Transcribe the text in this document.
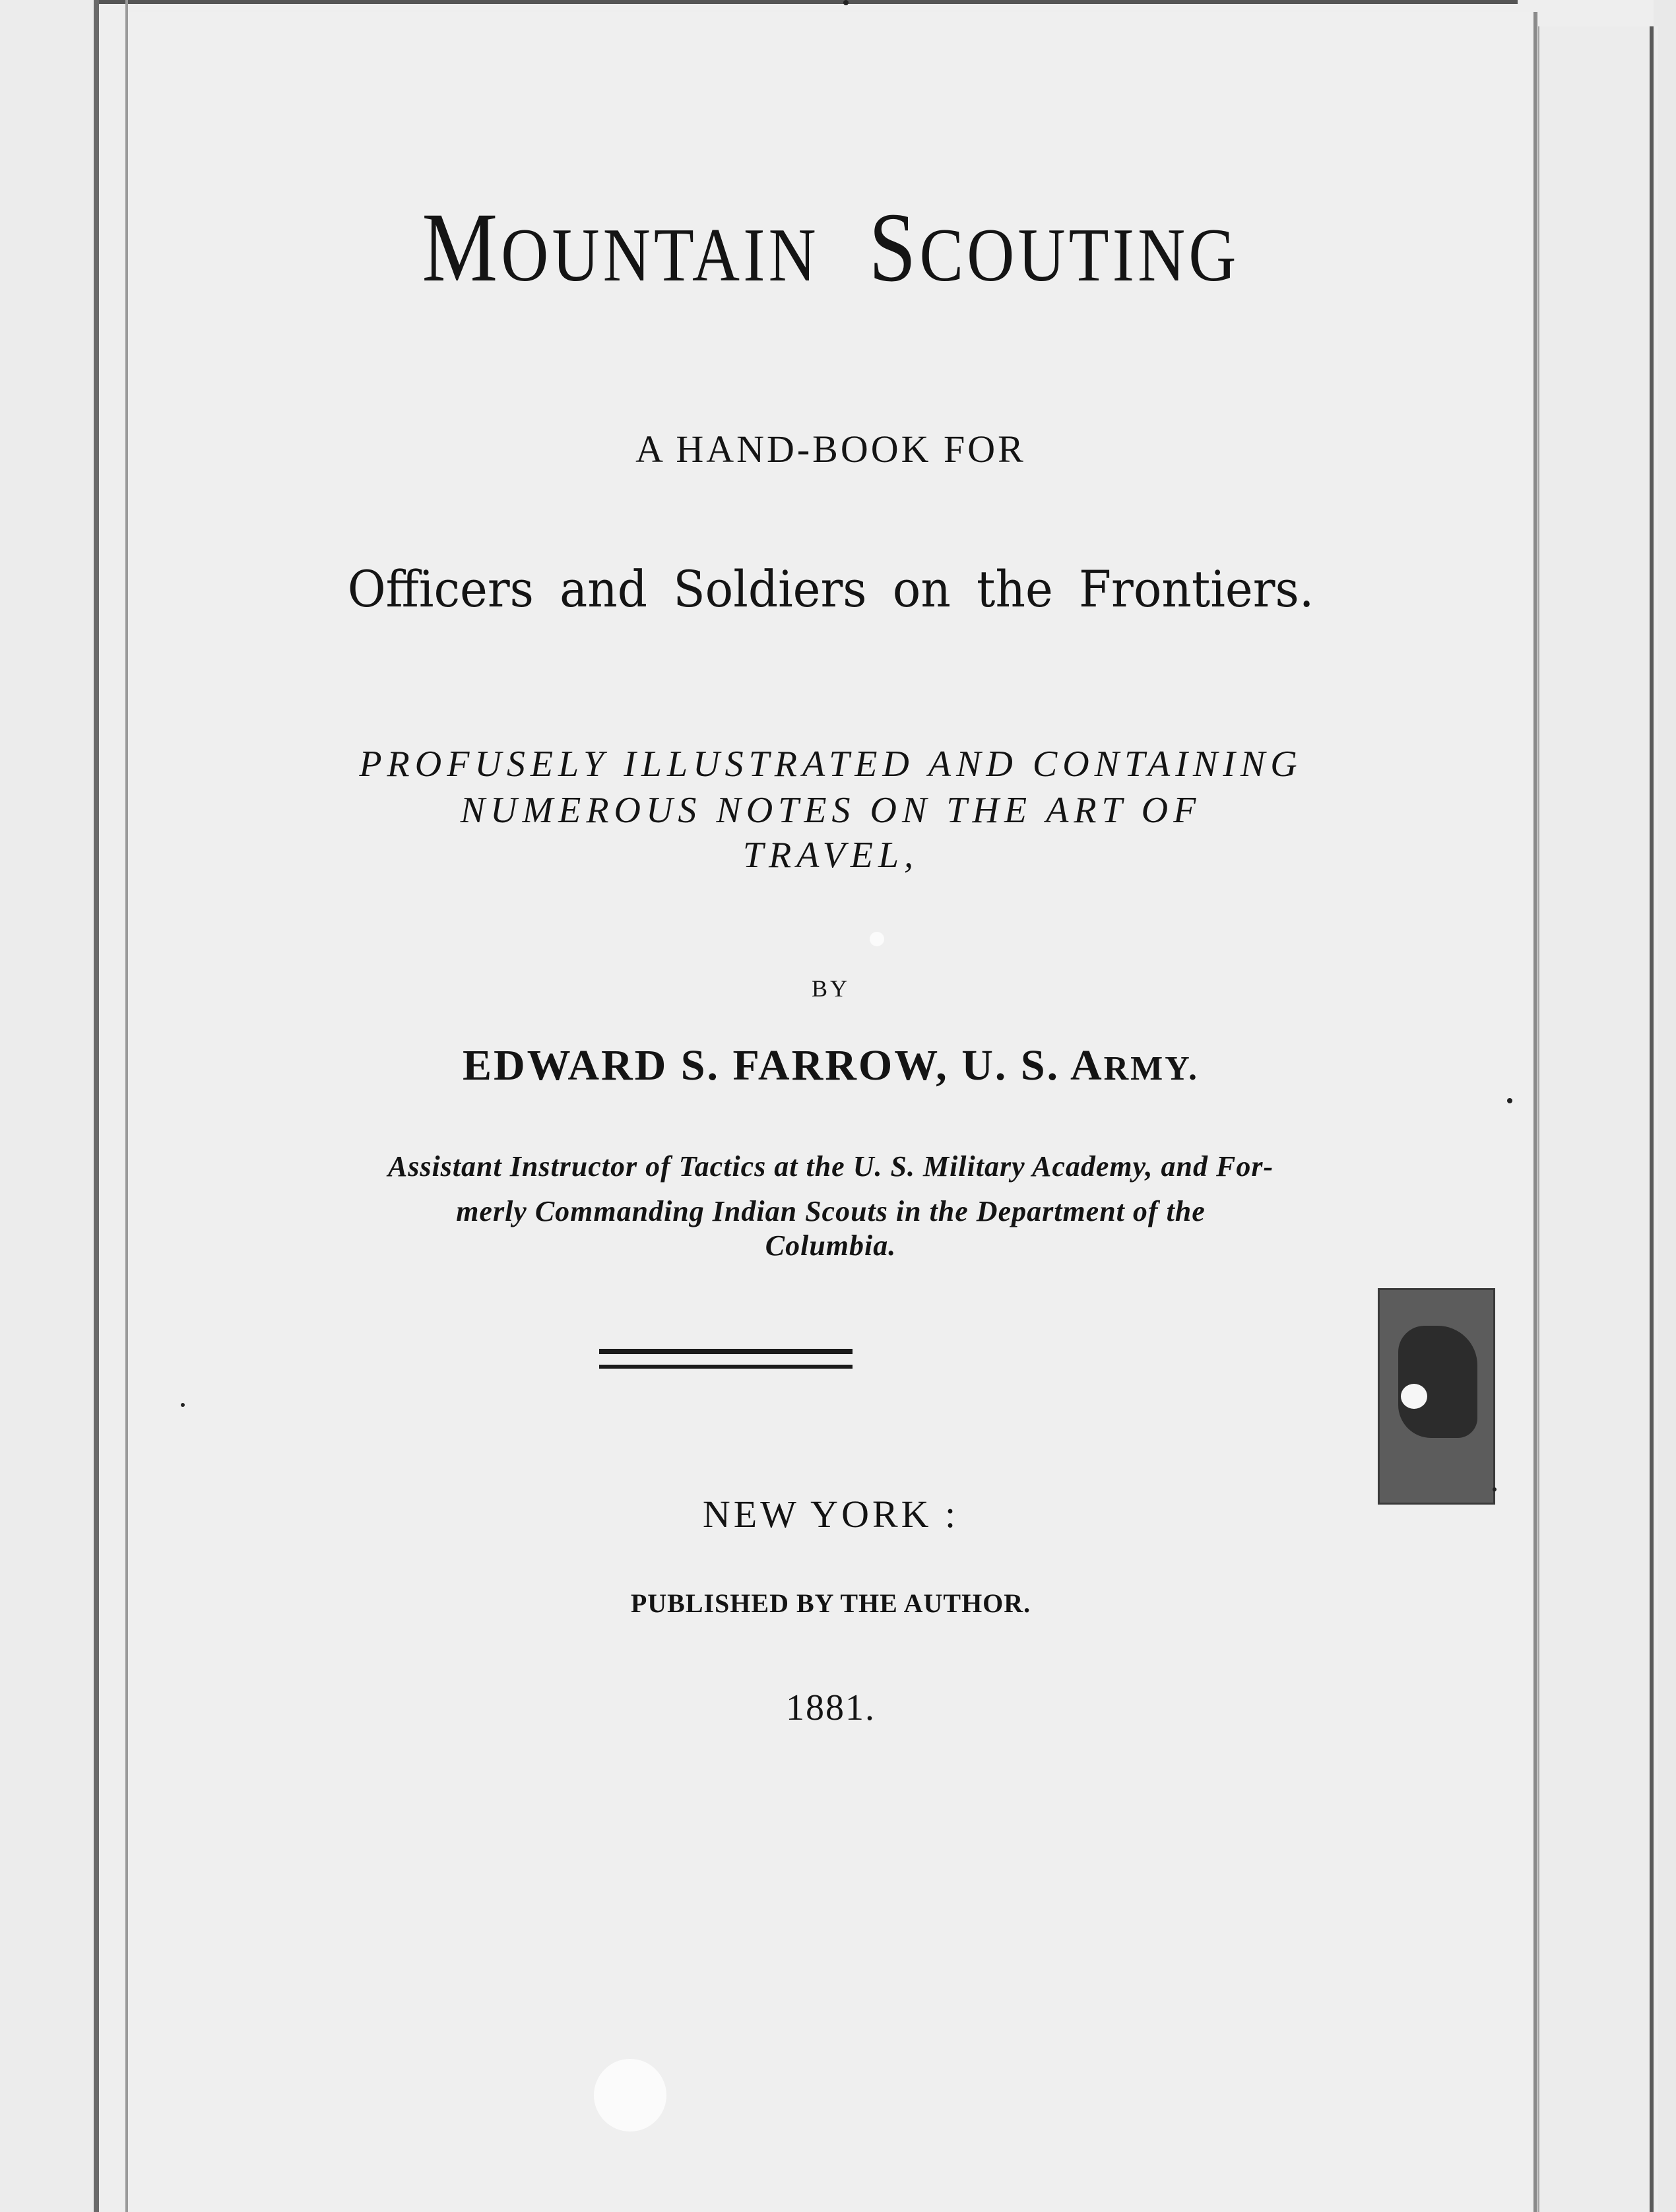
MOUNTAIN SCOUTING
A HAND-BOOK FOR
Officers and Soldiers on the Frontiers.
PROFUSELY ILLUSTRATED AND CONTAINING
NUMEROUS NOTES ON THE ART OF
TRAVEL,
BY
EDWARD S. FARROW, U. S. ARMY.
Assistant Instructor of Tactics at the U. S. Military Academy, and For-
merly Commanding Indian Scouts in the Department of the
Columbia.
NEW YORK :
PUBLISHED BY THE AUTHOR.
1881.
